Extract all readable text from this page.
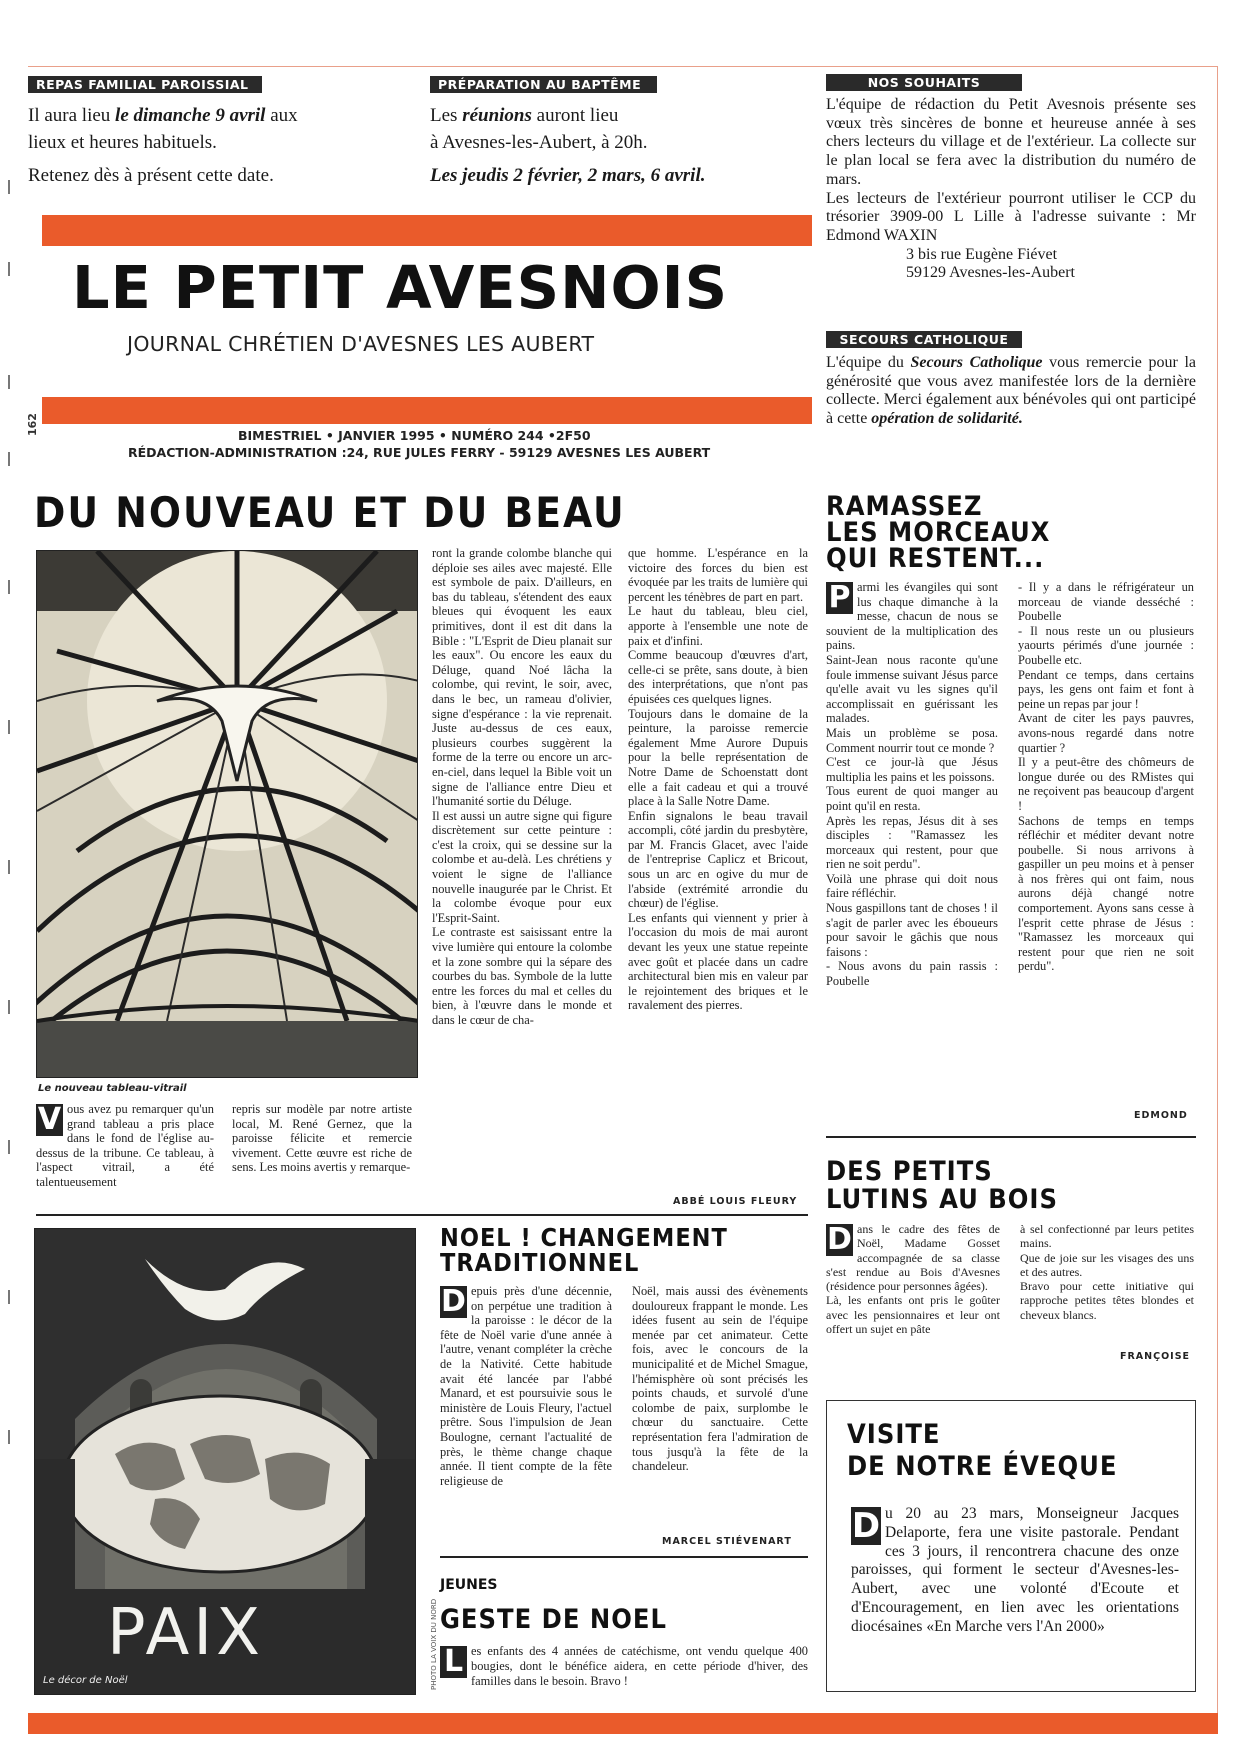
162
REPAS FAMILIAL PAROISSIAL
Il aura lieu le dimanche 9 avril aux
lieux et heures habituels.
Retenez dès à présent cette date.
PRÉPARATION AU BAPTÊME
Les réunions auront lieu
à Avesnes-les-Aubert, à 20h.
Les jeudis 2 février, 2 mars, 6 avril.
NOS SOUHAITS

L'équipe de rédaction du Petit Avesnois présente ses vœux très sincères de bonne et heureuse année à ses chers lecteurs du village et de l'extérieur. La collecte sur le plan local se fera avec la distribution du numéro de mars.

Les lecteurs de l'extérieur pourront utiliser le CCP du trésorier 3909-00 L Lille à l'adresse suivante : Mr Edmond WAXIN

3 bis rue Eugène Fiévet

59129 Avesnes-les-Aubert

SECOURS CATHOLIQUE
L'équipe du Secours Catholique vous remercie pour la générosité que vous avez manifestée lors de la dernière collecte. Merci également aux bénévoles qui ont participé à cette opération de solidarité.
LE PETIT AVESNOIS
JOURNAL CHRÉTIEN D'AVESNES LES AUBERT
BIMESTRIEL • JANVIER 1995 • NUMÉRO 244 •2F50
RÉDACTION-ADMINISTRATION :24, RUE JULES FERRY - 59129 AVESNES LES AUBERT
DU NOUVEAU ET DU BEAU
Le nouveau tableau-vitrail
V ous avez pu remarquer qu'un grand tableau a pris place dans le fond de l'église au-dessus de la tribune. Ce tableau, à l'aspect vitrail, a été talentueusement

repris sur modèle par notre artiste local, M. René Gernez, que la paroisse félicite et remercie vivement. Cette œuvre est riche de sens. Les moins avertis y remarque-

ront la grande colombe blanche qui déploie ses ailes avec majesté. Elle est symbole de paix. D'ailleurs, en bas du tableau, s'étendent des eaux bleues qui évoquent les eaux primitives, dont il est dit dans la Bible : "L'Esprit de Dieu planait sur les eaux". Ou encore les eaux du Déluge, quand Noé lâcha la colombe, qui revint, le soir, avec, dans le bec, un rameau d'olivier, signe d'espérance : la vie reprenait. Juste au-dessus de ces eaux, plusieurs courbes suggèrent la forme de la terre ou encore un arc-en-ciel, dans lequel la Bible voit un signe de l'alliance entre Dieu et l'humanité sortie du Déluge.

Il est aussi un autre signe qui figure discrètement sur cette peinture : c'est la croix, qui se dessine sur la colombe et au-delà. Les chrétiens y voient le signe de l'alliance nouvelle inaugurée par le Christ. Et la colombe évoque pour eux l'Esprit-Saint.

Le contraste est saisissant entre la vive lumière qui entoure la colombe et la zone sombre qui la sépare des courbes du bas. Symbole de la lutte entre les forces du mal et celles du bien, à l'œuvre dans le monde et dans le cœur de cha-

que homme. L'espérance en la victoire des forces du bien est évoquée par les traits de lumière qui percent les ténèbres de part en part.

Le haut du tableau, bleu ciel, apporte à l'ensemble une note de paix et d'infini.

Comme beaucoup d'œuvres d'art, celle-ci se prête, sans doute, à bien des interprétations, que n'ont pas épuisées ces quelques lignes.

Toujours dans le domaine de la peinture, la paroisse remercie également Mme Aurore Dupuis pour la belle représentation de Notre Dame de Schoenstatt dont elle a fait cadeau et qui a trouvé place à la Salle Notre Dame.

Enfin signalons le beau travail accompli, côté jardin du presbytère, par M. Francis Glacet, avec l'aide de l'entreprise Caplicz et Bricout, sous un arc en ogive du mur de l'abside (extrémité arrondie du chœur) de l'église.

Les enfants qui viennent y prier à l'occasion du mois de mai auront devant les yeux une statue repeinte avec goût et placée dans un cadre architectural bien mis en valeur par le rejointement des briques et le ravalement des pierres.

ABBÉ LOUIS FLEURY
RAMASSEZ
LES MORCEAUX
QUI RESTENT...

P armi les évangiles qui sont lus chaque dimanche à la messe, chacun de nous se souvient de la multiplication des pains.

Saint-Jean nous raconte qu'une foule immense suivant Jésus parce qu'elle avait vu les signes qu'il accomplissait en guérissant les malades.

Mais un problème se posa. Comment nourrir tout ce monde ?

C'est ce jour-là que Jésus multiplia les pains et les poissons.

Tous eurent de quoi manger au point qu'il en resta.

Après les repas, Jésus dit à ses disciples : "Ramassez les morceaux qui restent, pour que rien ne soit perdu".

Voilà une phrase qui doit nous faire réfléchir.

Nous gaspillons tant de choses ! il s'agit de parler avec les éboueurs pour savoir le gâchis que nous faisons :

- Nous avons du pain rassis : Poubelle

- Il y a dans le réfrigérateur un morceau de viande desséché : Poubelle

- Il nous reste un ou plusieurs yaourts périmés d'une journée : Poubelle etc.

Pendant ce temps, dans certains pays, les gens ont faim et font à peine un repas par jour !

Avant de citer les pays pauvres, avons-nous regardé dans notre quartier ?

Il y a peut-être des chômeurs de longue durée ou des RMistes qui ne reçoivent pas beaucoup d'argent !

Sachons de temps en temps réfléchir et méditer devant notre poubelle. Si nous arrivons à gaspiller un peu moins et à penser à nos frères qui ont faim, nous aurons déjà changé notre comportement. Ayons sans cesse à l'esprit cette phrase de Jésus : "Ramassez les morceaux qui restent pour que rien ne soit perdu".

EDMOND
DES PETITS
LUTINS AU BOIS

D ans le cadre des fêtes de Noël, Madame Gosset accompagnée de sa classe s'est rendue au Bois d'Avesnes (résidence pour personnes âgées).

Là, les enfants ont pris le goûter avec les pensionnaires et leur ont offert un sujet en pâte

à sel confectionné par leurs petites mains.

Que de joie sur les visages des uns et des autres.

Bravo pour cette initiative qui rapproche petites têtes blondes et cheveux blancs.

FRANÇOISE
VISITE
DE NOTRE ÉVEQUE
D u 20 au 23 mars, Monseigneur Jacques Delaporte, fera une visite pastorale. Pendant ces 3 jours, il rencontrera chacune des onze paroisses, qui forment le secteur d'Avesnes-les-Aubert, avec une volonté d'Ecoute et d'Encouragement, en lien avec les orientations diocésaines «En Marche vers l'An 2000»
PAIX
Le décor de Noël	PHOTO LA VOIX DU NORD
NOEL ! CHANGEMENT
TRADITIONNEL

D epuis près d'une décennie, on perpétue une tradition à la paroisse : le décor de la fête de Noël varie d'une année à l'autre, venant compléter la crèche de la Nativité. Cette habitude avait été lancée par l'abbé Manard, et est poursuivie sous le ministère de Louis Fleury, l'actuel prêtre. Sous l'impulsion de Jean Boulogne, cernant l'actualité de près, le thème change chaque année. Il tient compte de la fête religieuse de

Noël, mais aussi des évènements douloureux frappant le monde. Les idées fusent au sein de l'équipe menée par cet animateur. Cette fois, avec le concours de la municipalité et de Michel Smague, l'hémisphère où sont précisés les points chauds, et survolé d'une colombe de paix, surplombe le chœur du sanctuaire. Cette représentation fera l'admiration de tous jusqu'à la fête de la chandeleur.

MARCEL STIÉVENART
JEUNES
GESTE DE NOEL
L es enfants des 4 années de catéchisme, ont vendu quelque 400 bougies, dont le bénéfice aidera, en cette période d'hiver, des familles dans le besoin. Bravo !
